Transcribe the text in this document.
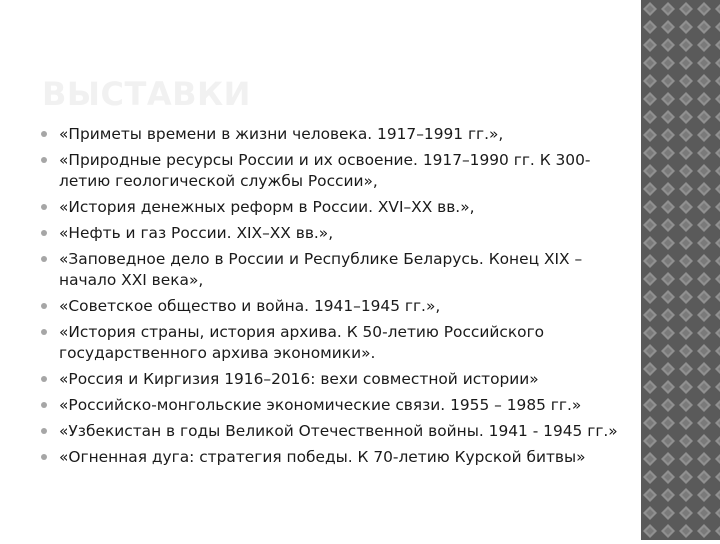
ВЫСТАВКИ
«Приметы времени в жизни человека. 1917–1991 гг.»,
«Природные ресурсы России и их освоение. 1917–1990 гг. К 300-летию геологической службы России»,
«История денежных реформ в России. XVI–XX вв.»,
«Нефть и газ России. XIX–XX вв.»,
«Заповедное дело в России и Республике Беларусь. Конец XIX – начало XXI века»,
«Советское общество и война. 1941–1945 гг.»,
«История страны, история архива. К 50-летию Российского государственного архива экономики».
«Россия и Киргизия 1916–2016: вехи совместной истории»
«Российско-монгольские экономические связи. 1955 – 1985 гг.»
«Узбекистан в годы Великой Отечественной войны. 1941 - 1945 гг.»
«Огненная дуга: стратегия победы. К 70-летию Курской битвы»
